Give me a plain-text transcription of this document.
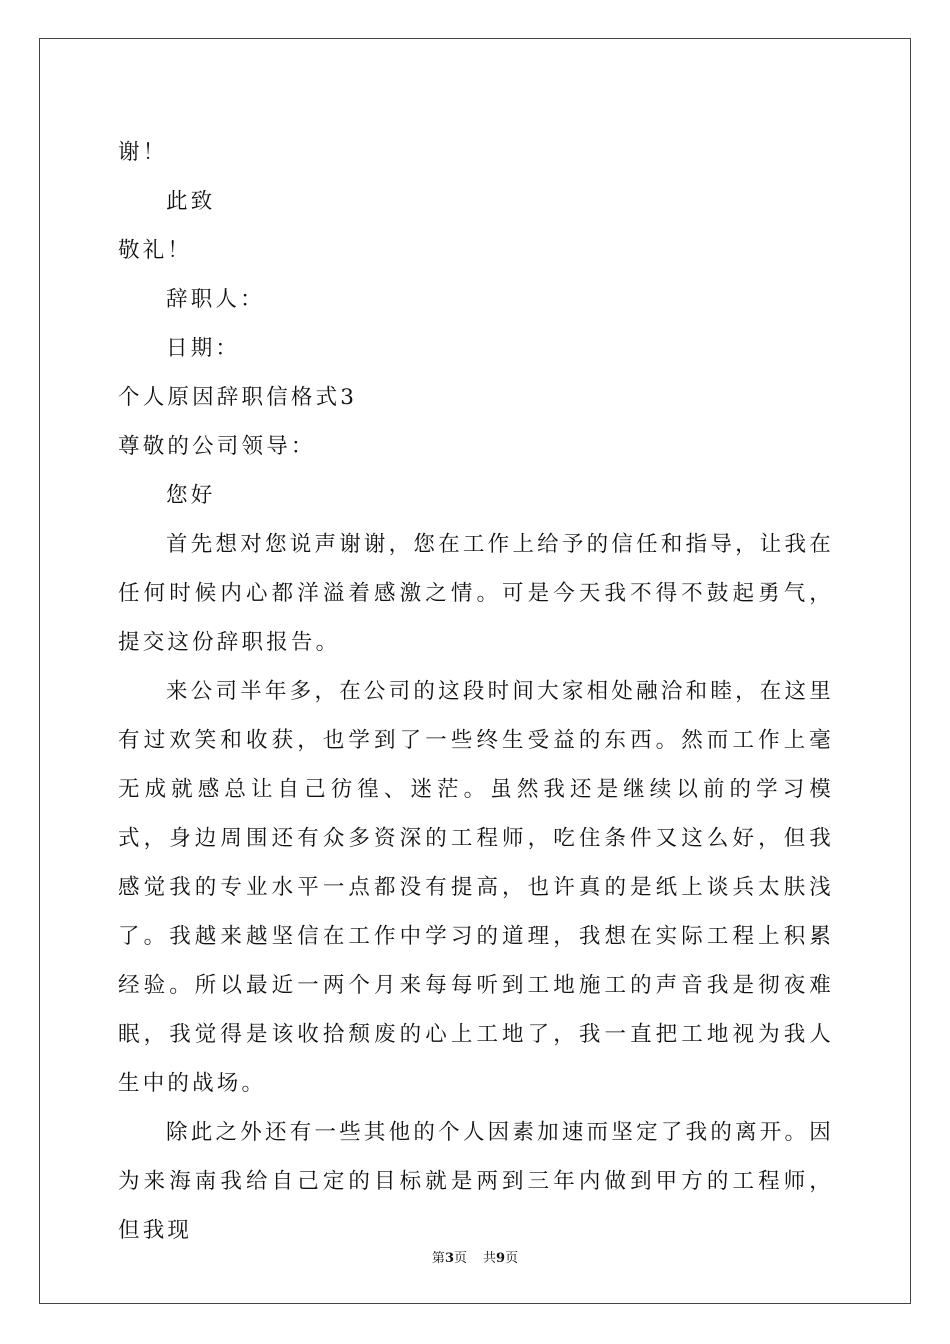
谢！

此致

敬礼！

辞职人：

日期：

个人原因辞职信格式3

尊敬的公司领导：

您好

首先想对您说声谢谢，您在工作上给予的信任和指导，让我在任何时候内心都洋溢着感激之情。可是今天我不得不鼓起勇气，提交这份辞职报告。

来公司半年多，在公司的这段时间大家相处融洽和睦，在这里有过欢笑和收获，也学到了一些终生受益的东西。然而工作上毫无成就感总让自己彷徨、迷茫。虽然我还是继续以前的学习模式，身边周围还有众多资深的工程师，吃住条件又这么好，但我感觉我的专业水平一点都没有提高，也许真的是纸上谈兵太肤浅了。我越来越坚信在工作中学习的道理，我想在实际工程上积累经验。所以最近一两个月来每每听到工地施工的声音我是彻夜难眠，我觉得是该收拾颓废的心上工地了，我一直把工地视为我人生中的战场。

除此之外还有一些其他的个人因素加速而坚定了我的离开。因为来海南我给自己定的目标就是两到三年内做到甲方的工程师，但我现

第3页 共9页
